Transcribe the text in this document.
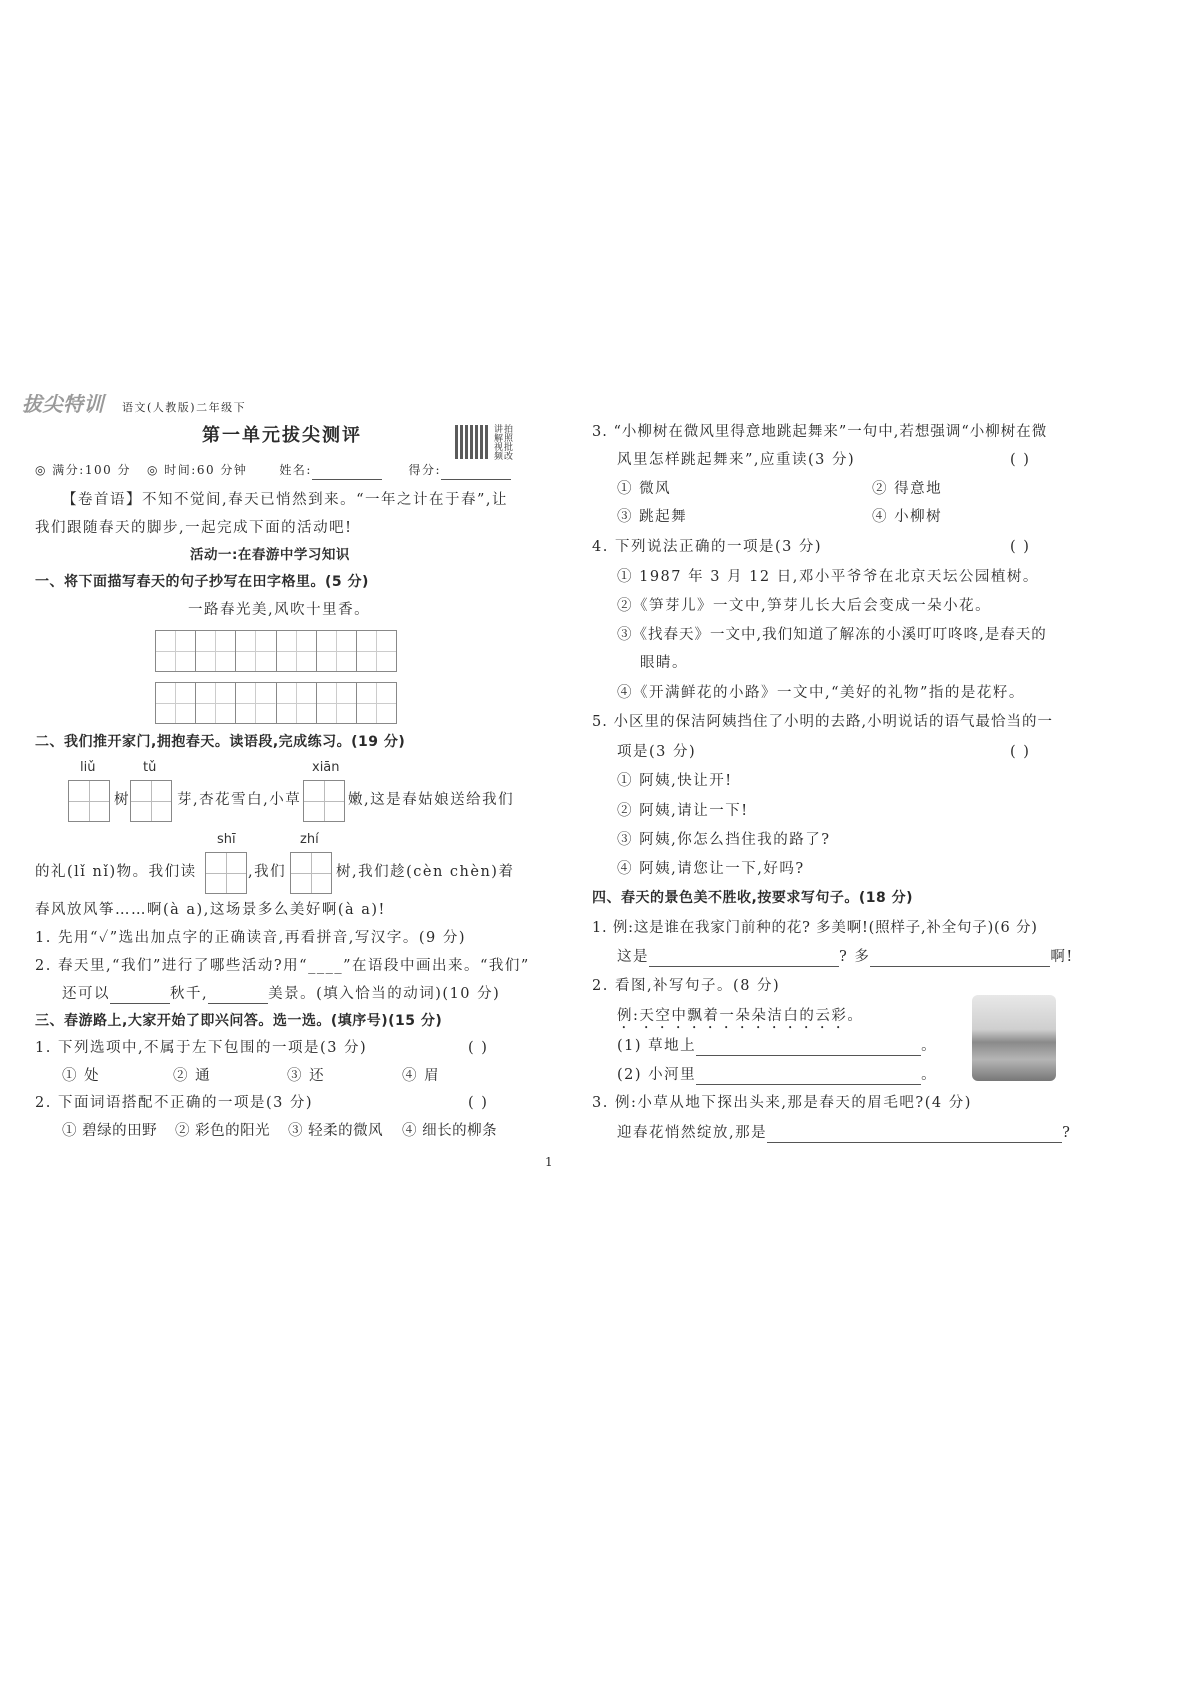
拔尖特训 语文(人教版)二年级下
第一单元拔尖测评	讲解视频 拍照批改
◎ 满分:100 分 ◎ 时间:60 分钟	姓名:	得分:
【卷首语】不知不觉间,春天已悄然到来。“一年之计在于春”,让
我们跟随春天的脚步,一起完成下面的活动吧!
活动一:在春游中学习知识
一、将下面描写春天的句子抄写在田字格里。(5 分)
一路春光美,风吹十里香。
二、我们推开家门,拥抱春天。读语段,完成练习。(19 分)
liǔ	tǔ	xiān
树	芽,杏花雪白,小草	嫩,这是春姑娘送给我们
shī	zhí
的礼(lǐ nǐ)物。我们读	,我们	树,我们趁(cèn chèn)着
春风放风筝……啊(à a),这场景多么美好啊(à a)!
1. 先用“✓”选出加点字的正确读音,再看拼音,写汉字。(9 分)
2. 春天里,“我们”进行了哪些活动?用“____”在语段中画出来。“我们”
还可以	秋千,	美景。(填入恰当的动词)(10 分)
三、春游路上,大家开始了即兴问答。选一选。(填序号)(15 分)
1. 下列选项中,不属于左下包围的一项是(3 分)	( )
① 处	② 通	③ 还	④ 眉
2. 下面词语搭配不正确的一项是(3 分)	( )
① 碧绿的田野 ② 彩色的阳光 ③ 轻柔的微风 ④ 细长的柳条
3. “小柳树在微风里得意地跳起舞来”一句中,若想强调“小柳树在微
风里怎样跳起舞来”,应重读(3 分)	( )
① 微风	② 得意地
③ 跳起舞	④ 小柳树
4. 下列说法正确的一项是(3 分)	( )
① 1987 年 3 月 12 日,邓小平爷爷在北京天坛公园植树。
②《笋芽儿》一文中,笋芽儿长大后会变成一朵小花。
③《找春天》一文中,我们知道了解冻的小溪叮叮咚咚,是春天的
眼睛。
④《开满鲜花的小路》一文中,“美好的礼物”指的是花籽。
5. 小区里的保洁阿姨挡住了小明的去路,小明说话的语气最恰当的一
项是(3 分)	( )
① 阿姨,快让开!
② 阿姨,请让一下!
③ 阿姨,你怎么挡住我的路了?
④ 阿姨,请您让一下,好吗?
四、春天的景色美不胜收,按要求写句子。(18 分)
1. 例:这是谁在我家门前种的花? 多美啊!(照样子,补全句子)(6 分)
这是	? 多	啊!
2. 看图,补写句子。(8 分)
例:天空中飘着一朵朵洁白的云彩。
(1) 草地上	。
(2) 小河里	。
3. 例:小草从地下探出头来,那是春天的眉毛吧?(4 分)
迎春花悄然绽放,那是	?
1
